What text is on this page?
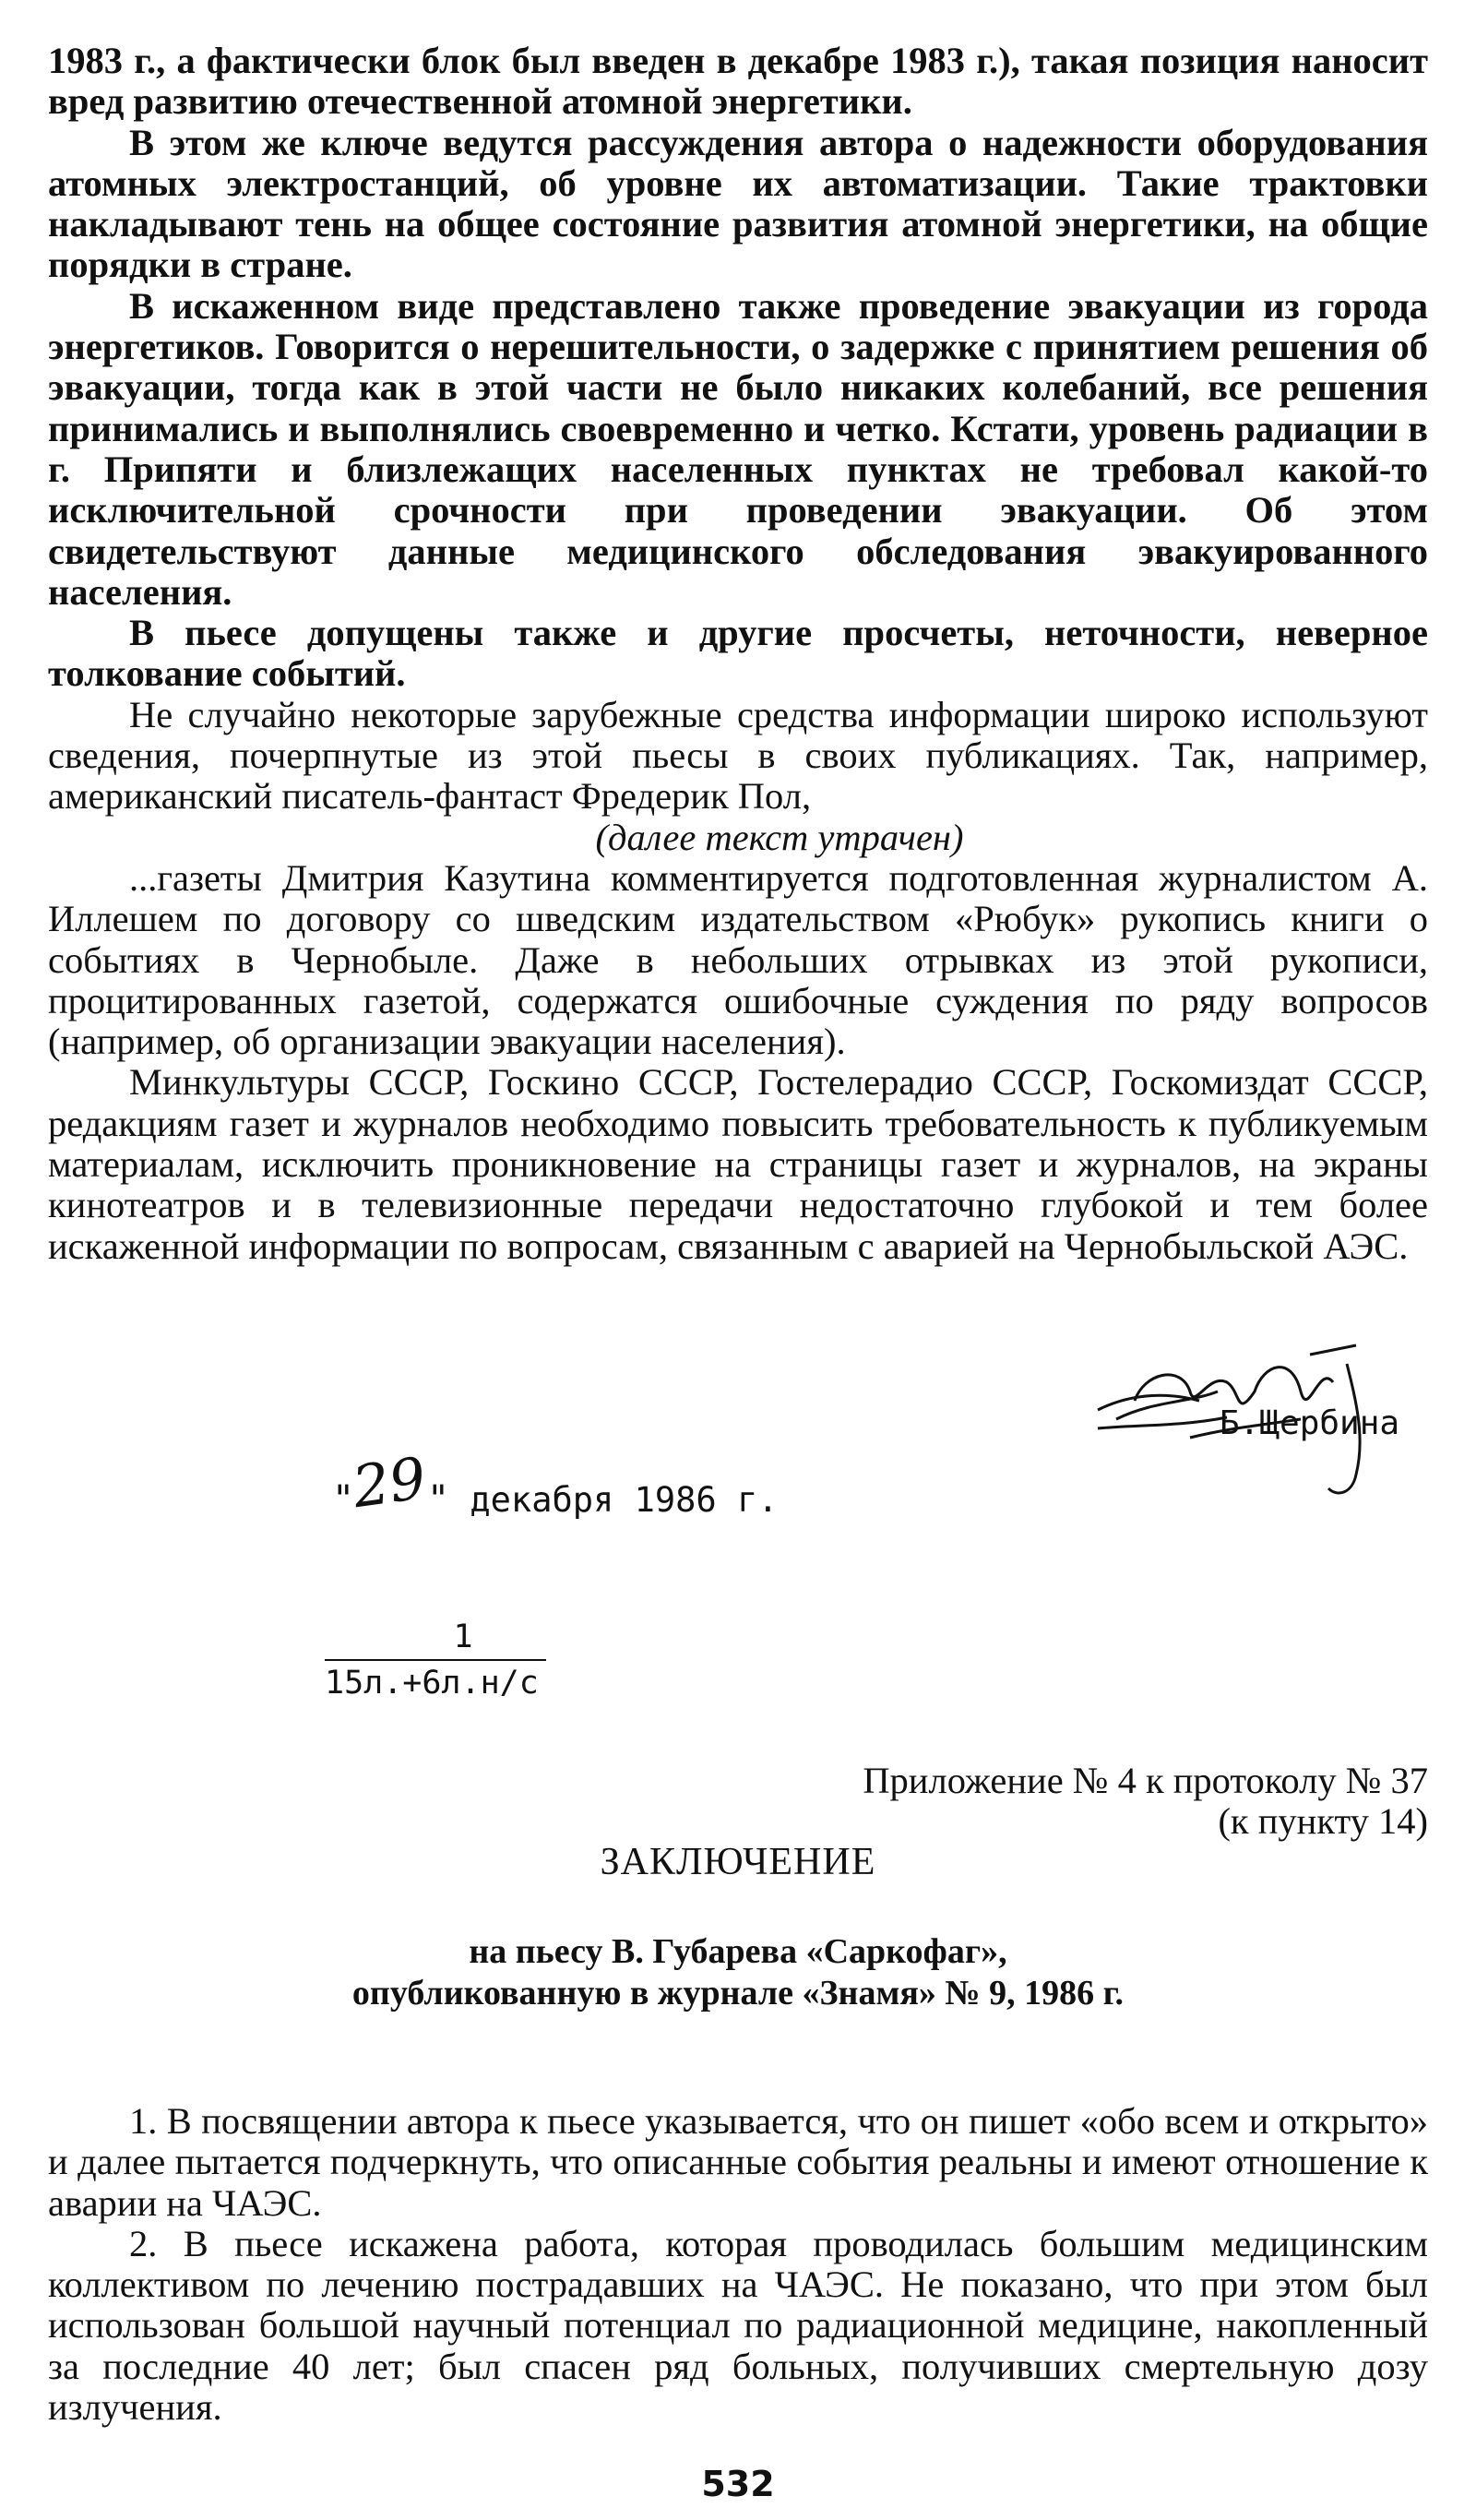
1983 г., а фактически блок был введен в декабре 1983 г.), такая позиция наносит вред развитию отечественной атомной энергетики.

В этом же ключе ведутся рассуждения автора о надежности оборудования атомных электростанций, об уровне их автоматизации. Такие трактовки накладывают тень на общее состояние развития атомной энергетики, на общие порядки в стране.

В искаженном виде представлено также проведение эвакуации из города энергетиков. Говорится о нерешительности, о задержке с принятием решения об эвакуации, тогда как в этой части не было никаких колебаний, все решения принимались и выполнялись своевременно и четко. Кстати, уровень радиации в г. Припяти и близлежащих населенных пунктах не требовал какой-то исключительной срочности при проведении эвакуации. Об этом свидетельствуют данные медицинского обследования эвакуированного населения.

В пьесе допущены также и другие просчеты, неточности, неверное толкование событий.

Не случайно некоторые зарубежные средства информации широко используют сведения, почерпнутые из этой пьесы в своих публикациях. Так, например, американский писатель-фантаст Фредерик Пол,

(далее текст утрачен)

...газеты Дмитрия Казутина комментируется подготовленная журналистом А. Иллешем по договору со шведским издательством «Рюбук» рукопись книги о событиях в Чернобыле. Даже в небольших отрывках из этой рукописи, процитированных газетой, содержатся ошибочные суждения по ряду вопросов (например, об организации эвакуации населения).

Минкультуры СССР, Госкино СССР, Гостелерадио СССР, Госкомиздат СССР, редакциям газет и журналов необходимо повысить требовательность к публикуемым материалам, исключить проникновение на страницы газет и журналов, на экраны кинотеатров и в телевизионные передачи недостаточно глубокой и тем более искаженной информации по вопросам, связанным с аварией на Чернобыльской АЭС.

Б.Щербина
"29" декабря 1986 г.
1
15л.+6л.н/с
Приложение № 4 к протоколу № 37
(к пункту 14)
ЗАКЛЮЧЕНИЕ
на пьесу В. Губарева «Саркофаг»,
опубликованную в журнале «Знамя» № 9, 1986 г.

1. В посвящении автора к пьесе указывается, что он пишет «обо всем и открыто» и далее пытается подчеркнуть, что описанные события реальны и имеют отношение к аварии на ЧАЭС.

2. В пьесе искажена работа, которая проводилась большим медицинским коллективом по лечению пострадавших на ЧАЭС. Не показано, что при этом был использован большой научный потенциал по радиационной медицине, накопленный за последние 40 лет; был спасен ряд больных, получивших смертельную дозу излучения.

532
